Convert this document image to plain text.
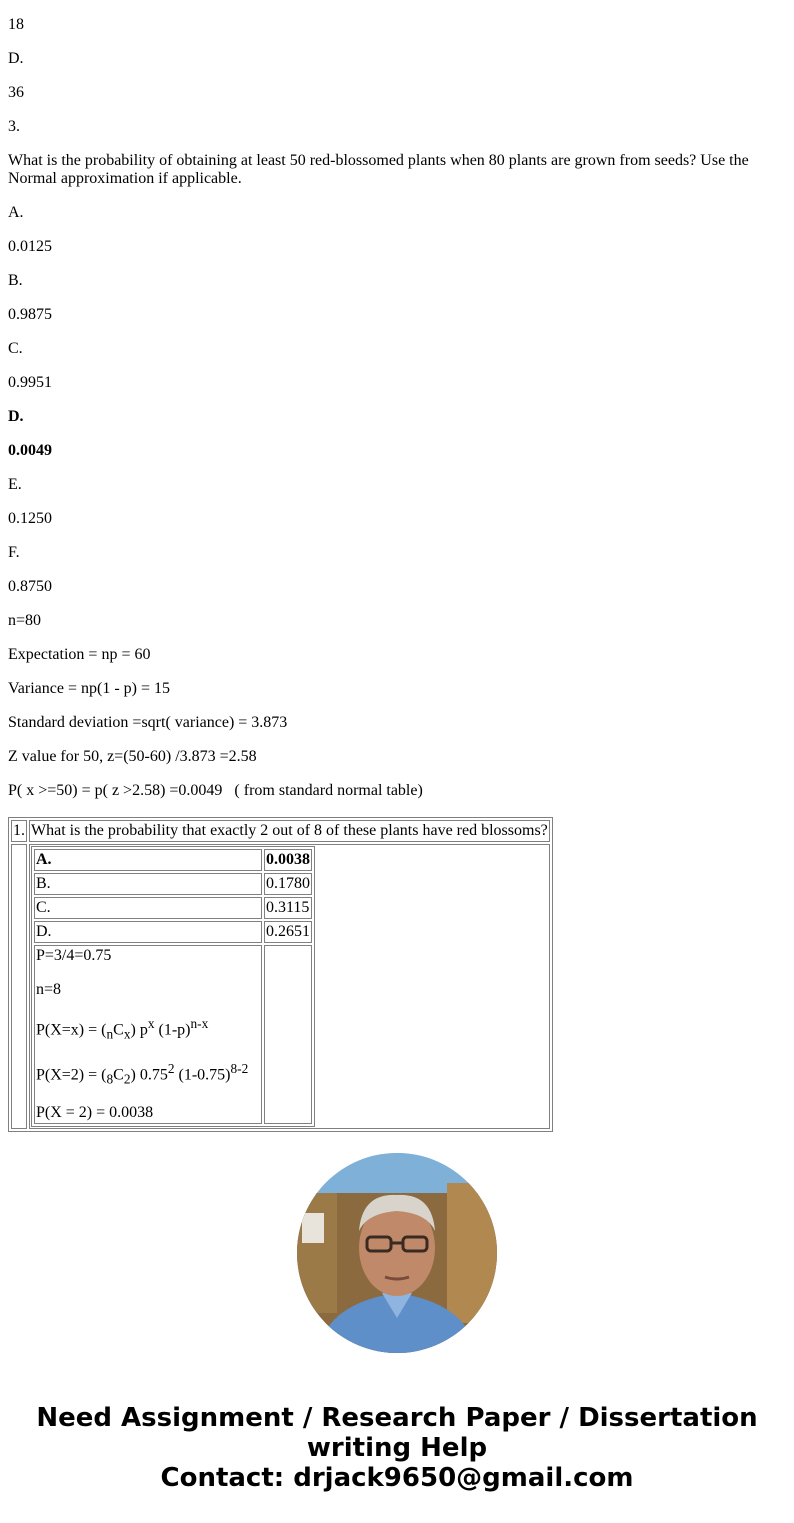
18

D.

36

3.

What is the probability of obtaining at least 50 red-blossomed plants when 80 plants are grown from seeds? Use the Normal approximation if applicable.

A.

0.0125

B.

0.9875

C.

0.9951

D.

0.0049

E.

0.1250

F.

0.8750

n=80

Expectation = np = 60

Variance = np(1 - p) = 15

Standard deviation =sqrt( variance) = 3.873

Z value for 50, z=(50-60) /3.873 =2.58

P( x >=50) = p( z >2.58) =0.0049   ( from standard normal table)

1.	What is the probability that exactly 2 out of 8 of these plants have red blossoms?

A.	0.0038
B.	0.1780
C.	0.3115
D.	0.2651

P=3/4=0.75

n=8

$P(X=x) = (_nC_x)$ $p^x$ $(1-p)^{n-x}$

$P(X=2) = (_8C_2)$ 0.75$^2$ $(1-0.75)^{8-2}$

P(X = 2) = 0.0038

Need Assignment / Research Paper / Dissertation
writing Help
Contact: drjack9650@gmail.com
